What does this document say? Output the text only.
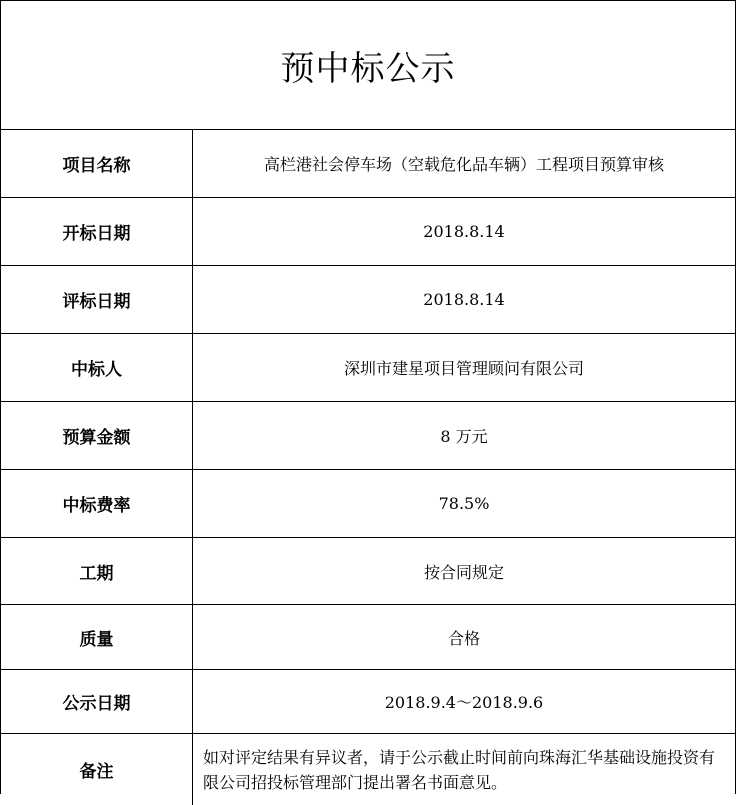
预中标公示
项目名称	高栏港社会停车场（空载危化品车辆）工程项目预算审核
开标日期	2018.8.14
评标日期	2018.8.14
中标人	深圳市建星项目管理顾问有限公司
预算金额	8 万元
中标费率	78.5%
工期	按合同规定
质量	合格
公示日期	2018.9.4～2018.9.6
备注	如对评定结果有异议者，请于公示截止时间前向珠海汇华基础设施投资有限公司招投标管理部门提出署名书面意见。
